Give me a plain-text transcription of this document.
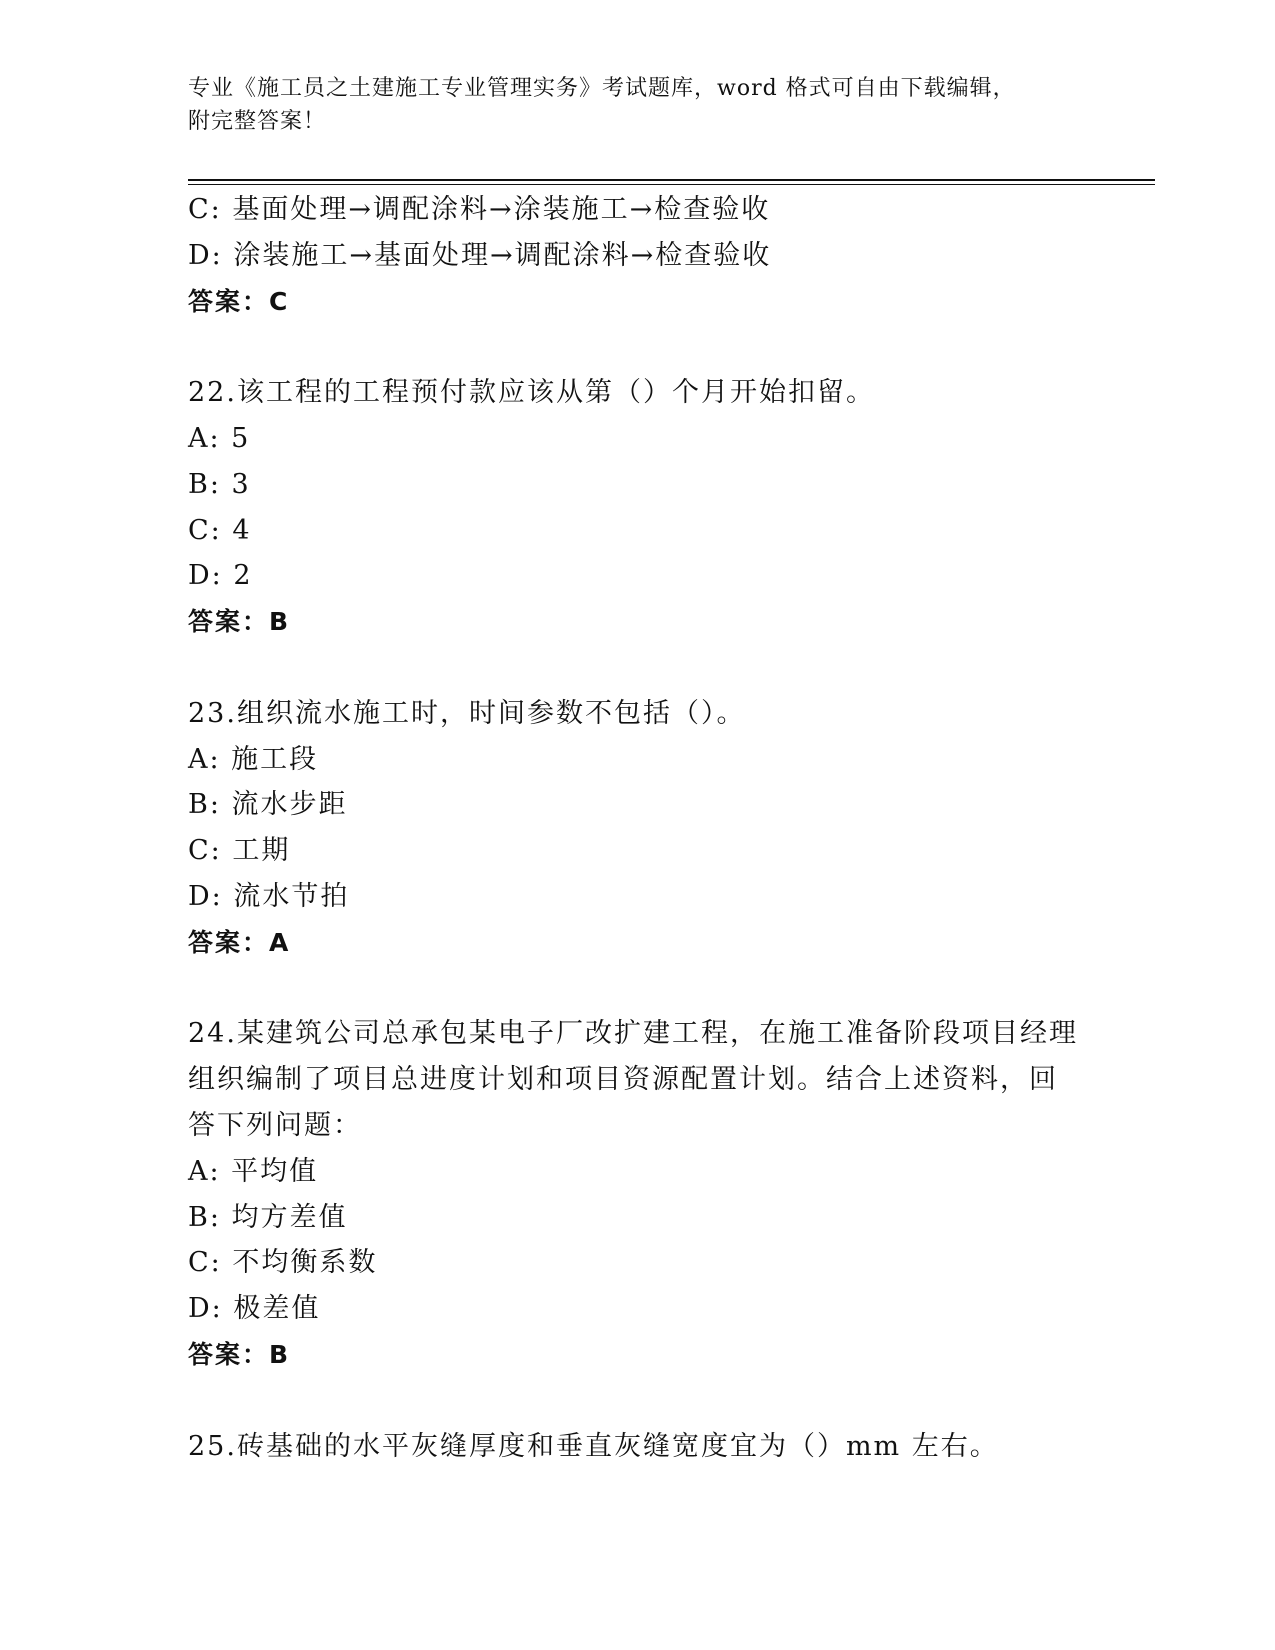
专业《施工员之土建施工专业管理实务》考试题库，word 格式可自由下载编辑，
附完整答案！
C: 基面处理→调配涂料→涂装施工→检查验收
D: 涂装施工→基面处理→调配涂料→检查验收
答案：C
22.该工程的工程预付款应该从第（）个月开始扣留。
A: 5
B: 3
C: 4
D: 2
答案：B
23.组织流水施工时，时间参数不包括（）。
A: 施工段
B: 流水步距
C: 工期
D: 流水节拍
答案：A
24.某建筑公司总承包某电子厂改扩建工程，在施工准备阶段项目经理
组织编制了项目总进度计划和项目资源配置计划。结合上述资料，回
答下列问题：
A: 平均值
B: 均方差值
C: 不均衡系数
D: 极差值
答案：B
25.砖基础的水平灰缝厚度和垂直灰缝宽度宜为（）mm 左右。
